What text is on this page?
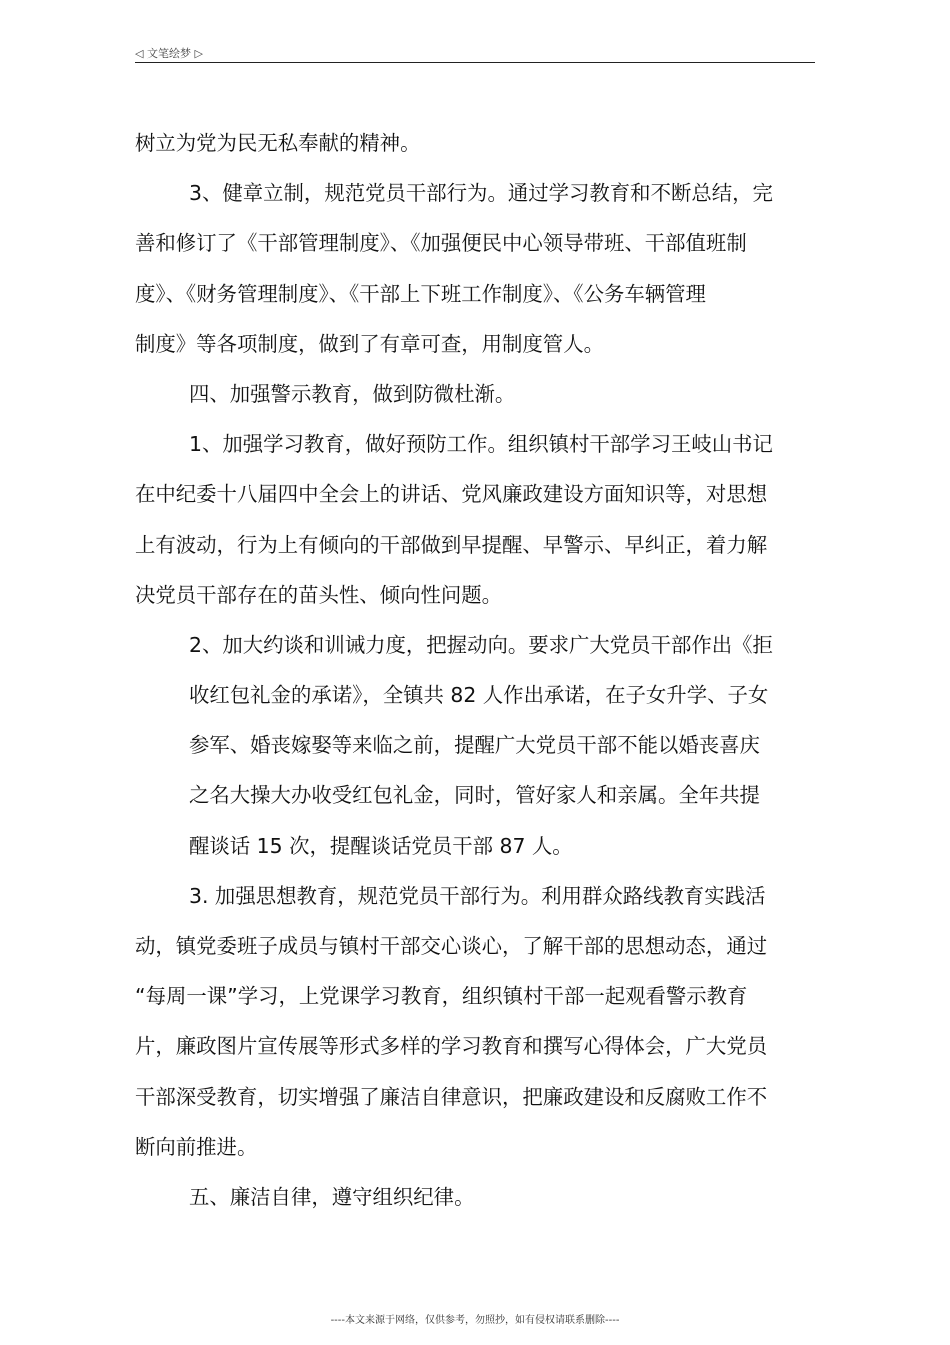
◁ 文笔绘梦 ▷
树立为党为民无私奉献的精神。
3、健章立制，规范党员干部行为。通过学习教育和不断总结，完
善和修订了《干部管理制度》、《加强便民中心领导带班、干部值班制
度》、《财务管理制度》、《干部上下班工作制度》、《公务车辆管理
制度》等各项制度，做到了有章可查，用制度管人。
四、加强警示教育，做到防微杜渐。
1、加强学习教育，做好预防工作。组织镇村干部学习王岐山书记
在中纪委十八届四中全会上的讲话、党风廉政建设方面知识等，对思想
上有波动，行为上有倾向的干部做到早提醒、早警示、早纠正，着力解
决党员干部存在的苗头性、倾向性问题。
2、加大约谈和训诫力度，把握动向。要求广大党员干部作出《拒
收红包礼金的承诺》，全镇共 82 人作出承诺，在子女升学、子女
参军、婚丧嫁娶等来临之前，提醒广大党员干部不能以婚丧喜庆
之名大操大办收受红包礼金，同时，管好家人和亲属。全年共提
醒谈话 15 次，提醒谈话党员干部 87 人。
3. 加强思想教育，规范党员干部行为。利用群众路线教育实践活
动，镇党委班子成员与镇村干部交心谈心，了解干部的思想动态，通过
“每周一课”学习，上党课学习教育，组织镇村干部一起观看警示教育
片，廉政图片宣传展等形式多样的学习教育和撰写心得体会，广大党员
干部深受教育，切实增强了廉洁自律意识，把廉政建设和反腐败工作不
断向前推进。
五、廉洁自律，遵守组织纪律。
----本文来源于网络，仅供参考，勿照抄，如有侵权请联系删除----
